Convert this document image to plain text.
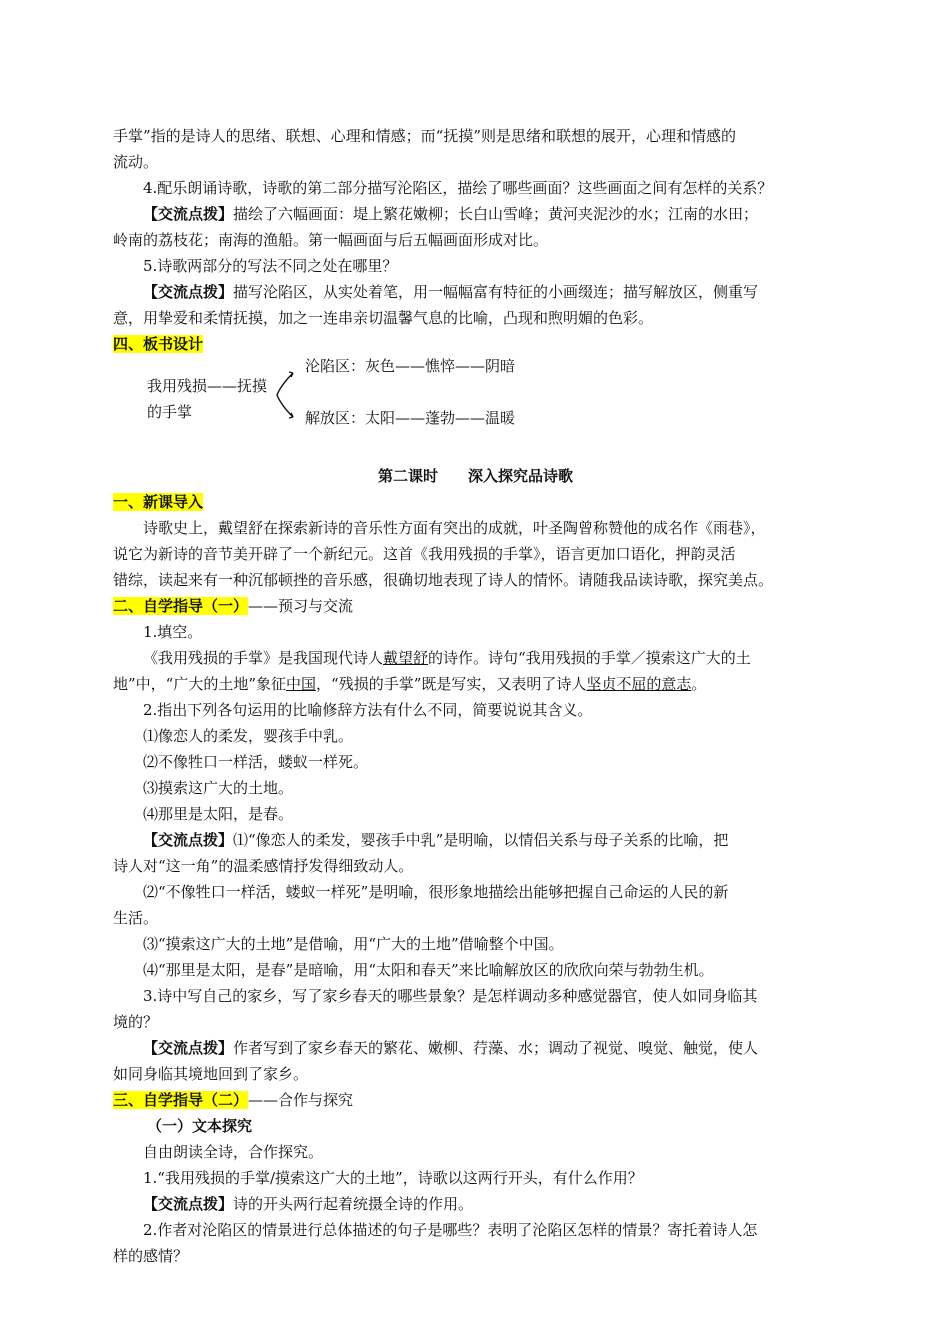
手掌”指的是诗人的思绪、联想、心理和情感；而“抚摸”则是思绪和联想的展开，心理和情感的

流动。

4.配乐朗诵诗歌，诗歌的第二部分描写沦陷区，描绘了哪些画面？这些画面之间有怎样的关系？

【交流点拨】描绘了六幅画面：堤上繁花嫩柳；长白山雪峰；黄河夹泥沙的水；江南的水田；

岭南的荔枝花；南海的渔船。第一幅画面与后五幅画面形成对比。

5.诗歌两部分的写法不同之处在哪里？

【交流点拨】描写沦陷区，从实处着笔，用一幅幅富有特征的小画缀连；描写解放区，侧重写

意，用挚爱和柔情抚摸，加之一连串亲切温馨气息的比喻，凸现和煦明媚的色彩。

四、板书设计

我用残损——抚摸
的手掌
沦陷区：灰色——憔悴——阴暗
解放区：太阳——蓬勃——温暖

第二课时　　深入探究品诗歌

一、新课导入

诗歌史上，戴望舒在探索新诗的音乐性方面有突出的成就，叶圣陶曾称赞他的成名作《雨巷》，

说它为新诗的音节美开辟了一个新纪元。这首《我用残损的手掌》，语言更加口语化，押韵灵活

错综，读起来有一种沉郁顿挫的音乐感，很确切地表现了诗人的情怀。请随我品读诗歌，探究美点。

二、自学指导（一）——预习与交流

1.填空。

《我用残损的手掌》是我国现代诗人戴望舒的诗作。诗句“我用残损的手掌／摸索这广大的土

地”中，“广大的土地”象征中国，“残损的手掌”既是写实，又表明了诗人坚贞不屈的意志。

2.指出下列各句运用的比喻修辞方法有什么不同，简要说说其含义。

⑴像恋人的柔发，婴孩手中乳。

⑵不像牲口一样活，蝼蚁一样死。

⑶摸索这广大的土地。

⑷那里是太阳，是春。

【交流点拨】⑴“像恋人的柔发，婴孩手中乳”是明喻，以情侣关系与母子关系的比喻，把

诗人对“这一角”的温柔感情抒发得细致动人。

⑵“不像牲口一样活，蝼蚁一样死”是明喻，很形象地描绘出能够把握自己命运的人民的新

生活。

⑶“摸索这广大的土地”是借喻，用“广大的土地”借喻整个中国。

⑷“那里是太阳，是春”是暗喻，用“太阳和春天”来比喻解放区的欣欣向荣与勃勃生机。

3.诗中写自己的家乡，写了家乡春天的哪些景象？是怎样调动多种感觉器官，使人如同身临其

境的？

【交流点拨】作者写到了家乡春天的繁花、嫩柳、荇藻、水；调动了视觉、嗅觉、触觉，使人

如同身临其境地回到了家乡。

三、自学指导（二）——合作与探究

（一）文本探究

自由朗读全诗，合作探究。

1.“我用残损的手掌/摸索这广大的土地”，诗歌以这两行开头，有什么作用？

【交流点拨】诗的开头两行起着统摄全诗的作用。

2.作者对沦陷区的情景进行总体描述的句子是哪些？表明了沦陷区怎样的情景？寄托着诗人怎

样的感情？
